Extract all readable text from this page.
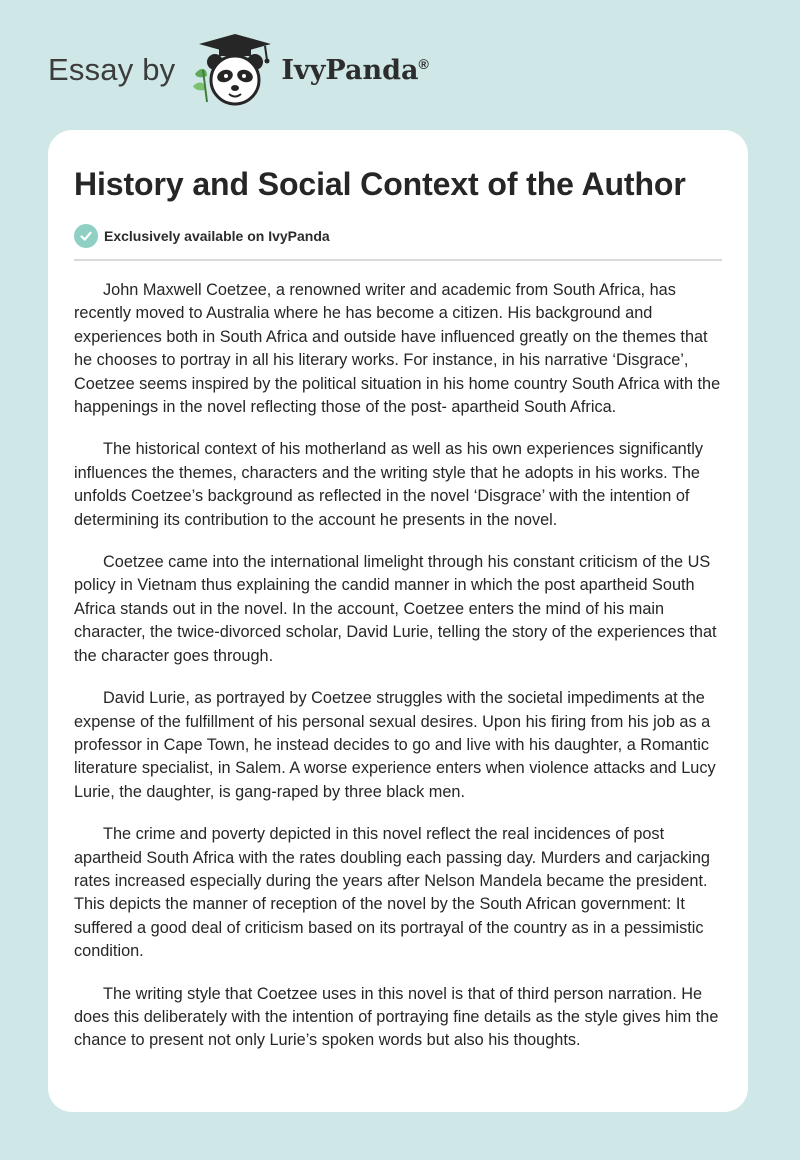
Essay by	IvyPanda®
History and Social Context of the Author
Exclusively available on IvyPanda

John Maxwell Coetzee, a renowned writer and academic from South Africa, has recently moved to Australia where he has become a citizen. His background and experiences both in South Africa and outside have influenced greatly on the themes that he chooses to portray in all his literary works. For instance, in his narrative ‘Disgrace’, Coetzee seems inspired by the political situation in his home country South Africa with the happenings in the novel reflecting those of the post- apartheid South Africa.

The historical context of his motherland as well as his own experiences significantly influences the themes, characters and the writing style that he adopts in his works. The unfolds Coetzee’s background as reflected in the novel ‘Disgrace’ with the intention of determining its contribution to the account he presents in the novel.

Coetzee came into the international limelight through his constant criticism of the US policy in Vietnam thus explaining the candid manner in which the post apartheid South Africa stands out in the novel. In the account, Coetzee enters the mind of his main character, the twice-divorced scholar, David Lurie, telling the story of the experiences that the character goes through.

David Lurie, as portrayed by Coetzee struggles with the societal impediments at the expense of the fulfillment of his personal sexual desires. Upon his firing from his job as a professor in Cape Town, he instead decides to go and live with his daughter, a Romantic literature specialist, in Salem. A worse experience enters when violence attacks and Lucy Lurie, the daughter, is gang-raped by three black men.

The crime and poverty depicted in this novel reflect the real incidences of post apartheid South Africa with the rates doubling each passing day. Murders and carjacking rates increased especially during the years after Nelson Mandela became the president. This depicts the manner of reception of the novel by the South African government: It suffered a good deal of criticism based on its portrayal of the country as in a pessimistic condition.

The writing style that Coetzee uses in this novel is that of third person narration. He does this deliberately with the intention of portraying fine details as the style gives him the chance to present not only Lurie’s spoken words but also his thoughts.
